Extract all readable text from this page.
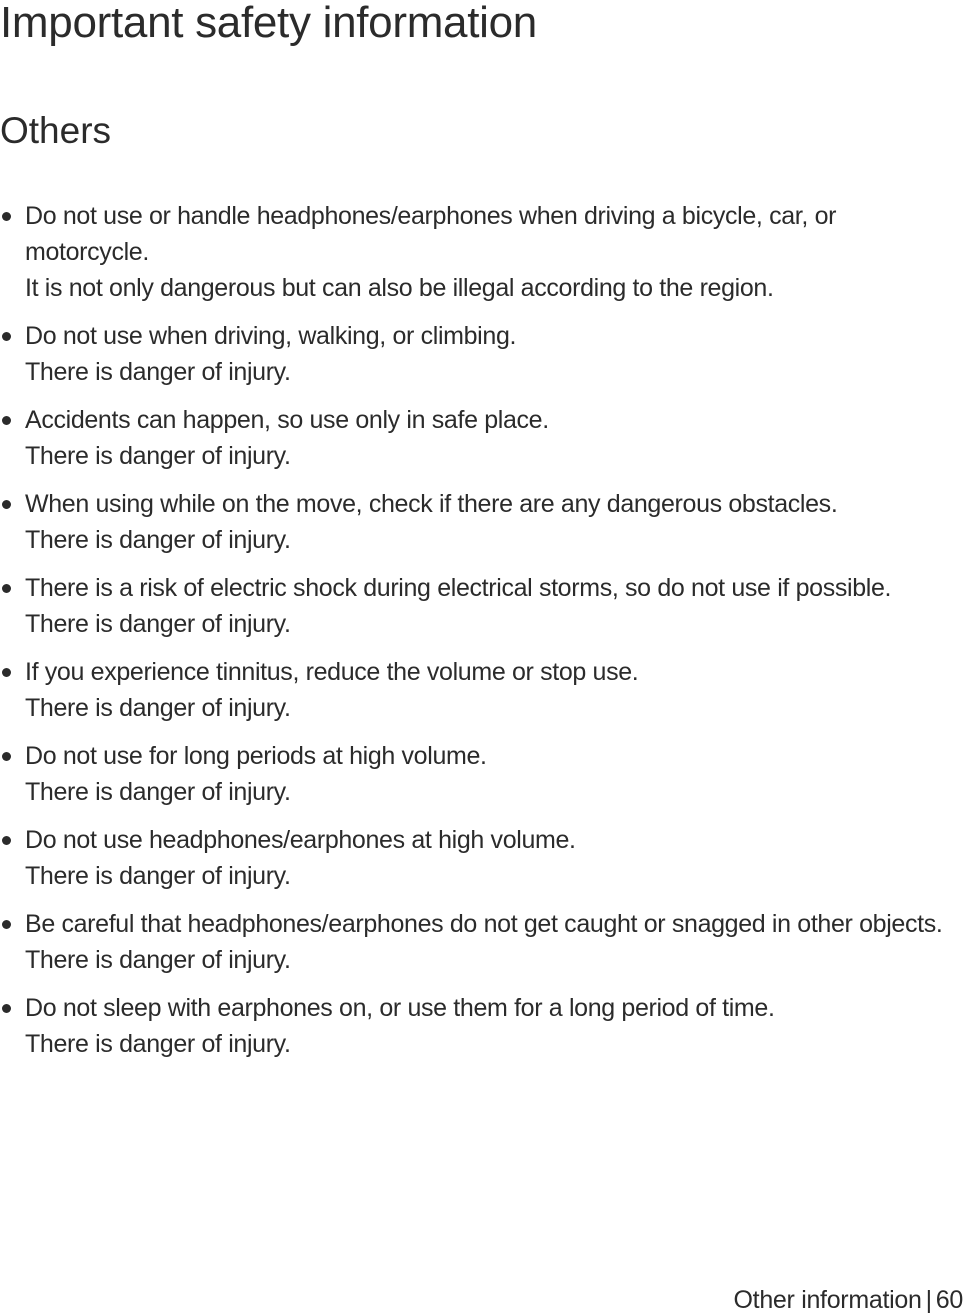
Important safety information
Others
Do not use or handle headphones/earphones when driving a bicycle, car, or motorcycle.
It is not only dangerous but can also be illegal according to the region.
Do not use when driving, walking, or climbing.
There is danger of injury.
Accidents can happen, so use only in safe place.
There is danger of injury.
When using while on the move, check if there are any dangerous obstacles.
There is danger of injury.
There is a risk of electric shock during electrical storms, so do not use if possible.
There is danger of injury.
If you experience tinnitus, reduce the volume or stop use.
There is danger of injury.
Do not use for long periods at high volume.
There is danger of injury.
Do not use headphones/earphones at high volume.
There is danger of injury.
Be careful that headphones/earphones do not get caught or snagged in other objects.
There is danger of injury.
Do not sleep with earphones on, or use them for a long period of time.
There is danger of injury.
Other information | 60
